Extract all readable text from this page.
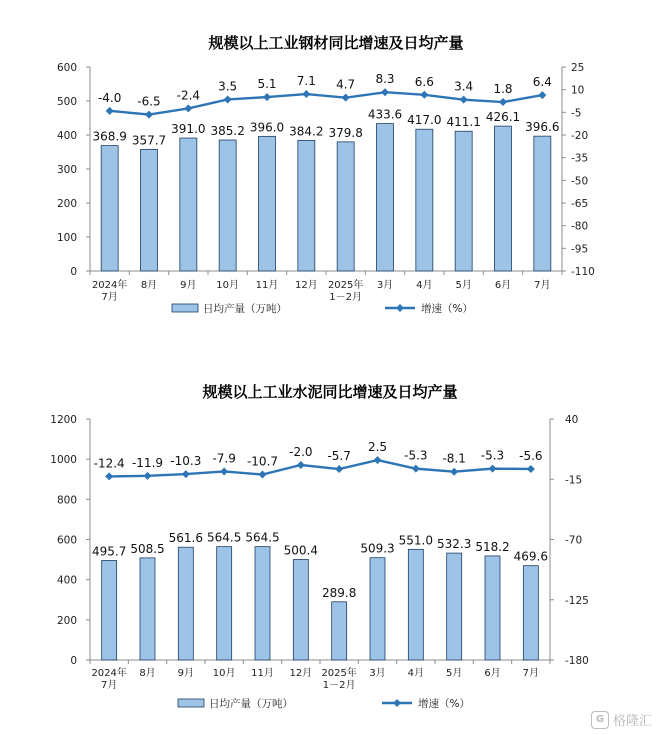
规模以上工业钢材同比增速及日均产量
0
100
200
300
400
500
600
-110
-95
-80
-65
-50
-35
-20
-5
10
25
2024年 7月
8月 9月 10月 11月 12月 2025年 1－2月
3月 4月 5月 6月 7月
368.9 357.7
391.0 385.2 396.0 384.2 379.8
433.6 417.0 411.1 426.1
396.6
-4.0 -6.5 -2.4
3.5 5.1 7.1 4.7 8.3 6.6 3.4 1.8 6.4
日均产量（万吨）	增速（%）
规模以上工业水泥同比增速及日均产量
0
200
400
600
800
1000
1200
-180
-125
-70
-15
40
2024年 7月
8月 9月 10月 11月 12月 2025年 1－2月
3月 4月 5月 6月 7月
495.7 508.5
561.6 564.5 564.5
500.4
289.8
509.3
551.0 532.3 518.2
469.6
-12.4 -11.9 -10.3 -7.9 -10.7
-2.0 -5.7
2.5
-5.3 -8.1 -5.3 -5.6
日均产量（万吨）	增速（%）
G 格隆汇
